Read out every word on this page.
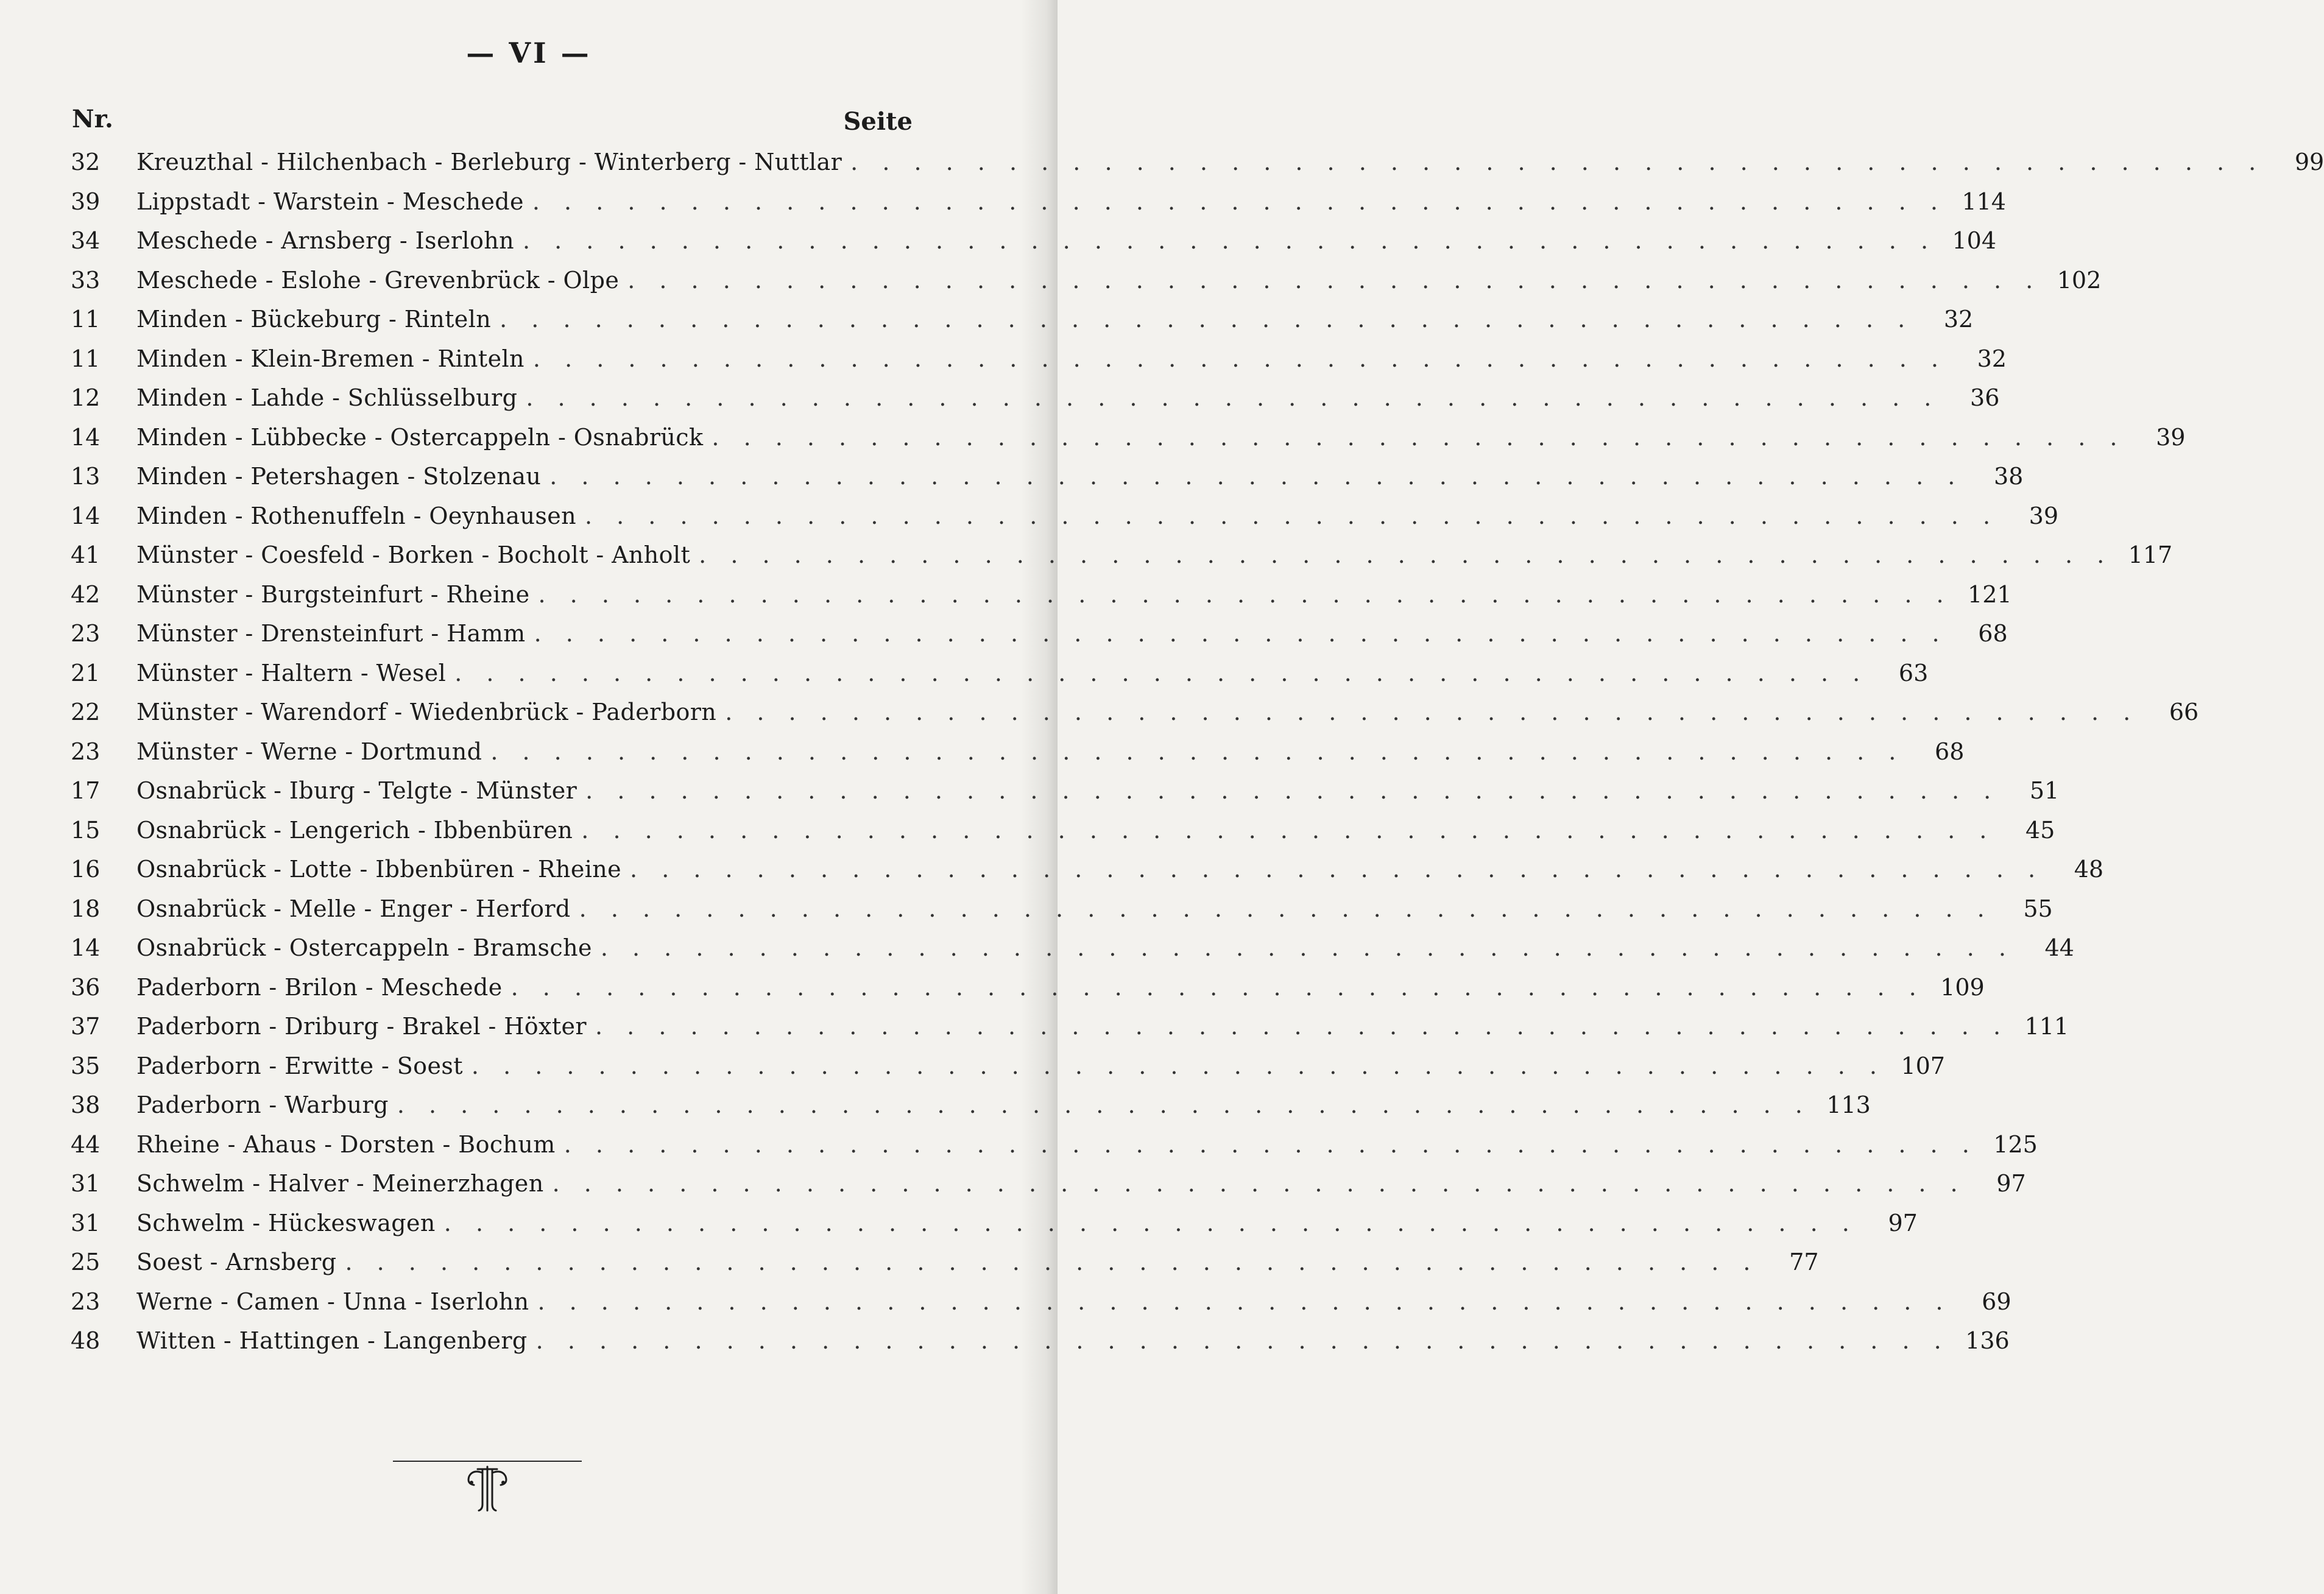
— VI —
Nr.	Seite
32	Kreuzthal - Hilchenbach - Berleburg - Winterberg - Nuttlar . . . . . . . . . . . . . . . . . . . . . . . . . . . . . . . . . . . . . . . . . . . . .	99
39	Lippstadt - Warstein - Meschede . . . . . . . . . . . . . . . . . . . . . . . . . . . . . . . . . . . . . . . . . . . . . 114
34	Meschede - Arnsberg - Iserlohn . . . . . . . . . . . . . . . . . . . . . . . . . . . . . . . . . . . . . . . . . . . . . 104
33	Meschede - Eslohe - Grevenbrück - Olpe . . . . . . . . . . . . . . . . . . . . . . . . . . . . . . . . . . . . . . . . . . . . . 102
11	Minden - Bückeburg - Rinteln . . . . . . . . . . . . . . . . . . . . . . . . . . . . . . . . . . . . . . . . . . . . .	32
11	Minden - Klein-Bremen - Rinteln . . . . . . . . . . . . . . . . . . . . . . . . . . . . . . . . . . . . . . . . . . . . .	32
12	Minden - Lahde - Schlüsselburg . . . . . . . . . . . . . . . . . . . . . . . . . . . . . . . . . . . . . . . . . . . . .	36
14	Minden - Lübbecke - Ostercappeln - Osnabrück . . . . . . . . . . . . . . . . . . . . . . . . . . . . . . . . . . . . . . . . . . . . .	39
13	Minden - Petershagen - Stolzenau . . . . . . . . . . . . . . . . . . . . . . . . . . . . . . . . . . . . . . . . . . . . .	38
14	Minden - Rothenuffeln - Oeynhausen . . . . . . . . . . . . . . . . . . . . . . . . . . . . . . . . . . . . . . . . . . . . .	39
41	Münster - Coesfeld - Borken - Bocholt - Anholt . . . . . . . . . . . . . . . . . . . . . . . . . . . . . . . . . . . . . . . . . . . . . 117
42	Münster - Burgsteinfurt - Rheine . . . . . . . . . . . . . . . . . . . . . . . . . . . . . . . . . . . . . . . . . . . . . 121
23	Münster - Drensteinfurt - Hamm . . . . . . . . . . . . . . . . . . . . . . . . . . . . . . . . . . . . . . . . . . . . .	68
21	Münster - Haltern - Wesel . . . . . . . . . . . . . . . . . . . . . . . . . . . . . . . . . . . . . . . . . . . . .	63
22	Münster - Warendorf - Wiedenbrück - Paderborn . . . . . . . . . . . . . . . . . . . . . . . . . . . . . . . . . . . . . . . . . . . . .	66
23	Münster - Werne - Dortmund . . . . . . . . . . . . . . . . . . . . . . . . . . . . . . . . . . . . . . . . . . . . .	68
17	Osnabrück - Iburg - Telgte - Münster . . . . . . . . . . . . . . . . . . . . . . . . . . . . . . . . . . . . . . . . . . . . .	51
15	Osnabrück - Lengerich - Ibbenbüren . . . . . . . . . . . . . . . . . . . . . . . . . . . . . . . . . . . . . . . . . . . . .	45
16	Osnabrück - Lotte - Ibbenbüren - Rheine . . . . . . . . . . . . . . . . . . . . . . . . . . . . . . . . . . . . . . . . . . . . .	48
18	Osnabrück - Melle - Enger - Herford . . . . . . . . . . . . . . . . . . . . . . . . . . . . . . . . . . . . . . . . . . . . .	55
14	Osnabrück - Ostercappeln - Bramsche . . . . . . . . . . . . . . . . . . . . . . . . . . . . . . . . . . . . . . . . . . . . .	44
36	Paderborn - Brilon - Meschede . . . . . . . . . . . . . . . . . . . . . . . . . . . . . . . . . . . . . . . . . . . . . 109
37	Paderborn - Driburg - Brakel - Höxter . . . . . . . . . . . . . . . . . . . . . . . . . . . . . . . . . . . . . . . . . . . . . 111
35	Paderborn - Erwitte - Soest . . . . . . . . . . . . . . . . . . . . . . . . . . . . . . . . . . . . . . . . . . . . . 107
38	Paderborn - Warburg . . . . . . . . . . . . . . . . . . . . . . . . . . . . . . . . . . . . . . . . . . . . . 113
44	Rheine - Ahaus - Dorsten - Bochum . . . . . . . . . . . . . . . . . . . . . . . . . . . . . . . . . . . . . . . . . . . . . 125
31	Schwelm - Halver - Meinerzhagen . . . . . . . . . . . . . . . . . . . . . . . . . . . . . . . . . . . . . . . . . . . . .	97
31	Schwelm - Hückeswagen . . . . . . . . . . . . . . . . . . . . . . . . . . . . . . . . . . . . . . . . . . . . .	97
25	Soest - Arnsberg . . . . . . . . . . . . . . . . . . . . . . . . . . . . . . . . . . . . . . . . . . . . .	77
23	Werne - Camen - Unna - Iserlohn . . . . . . . . . . . . . . . . . . . . . . . . . . . . . . . . . . . . . . . . . . . . .	69
48	Witten - Hattingen - Langenberg . . . . . . . . . . . . . . . . . . . . . . . . . . . . . . . . . . . . . . . . . . . . . 136
